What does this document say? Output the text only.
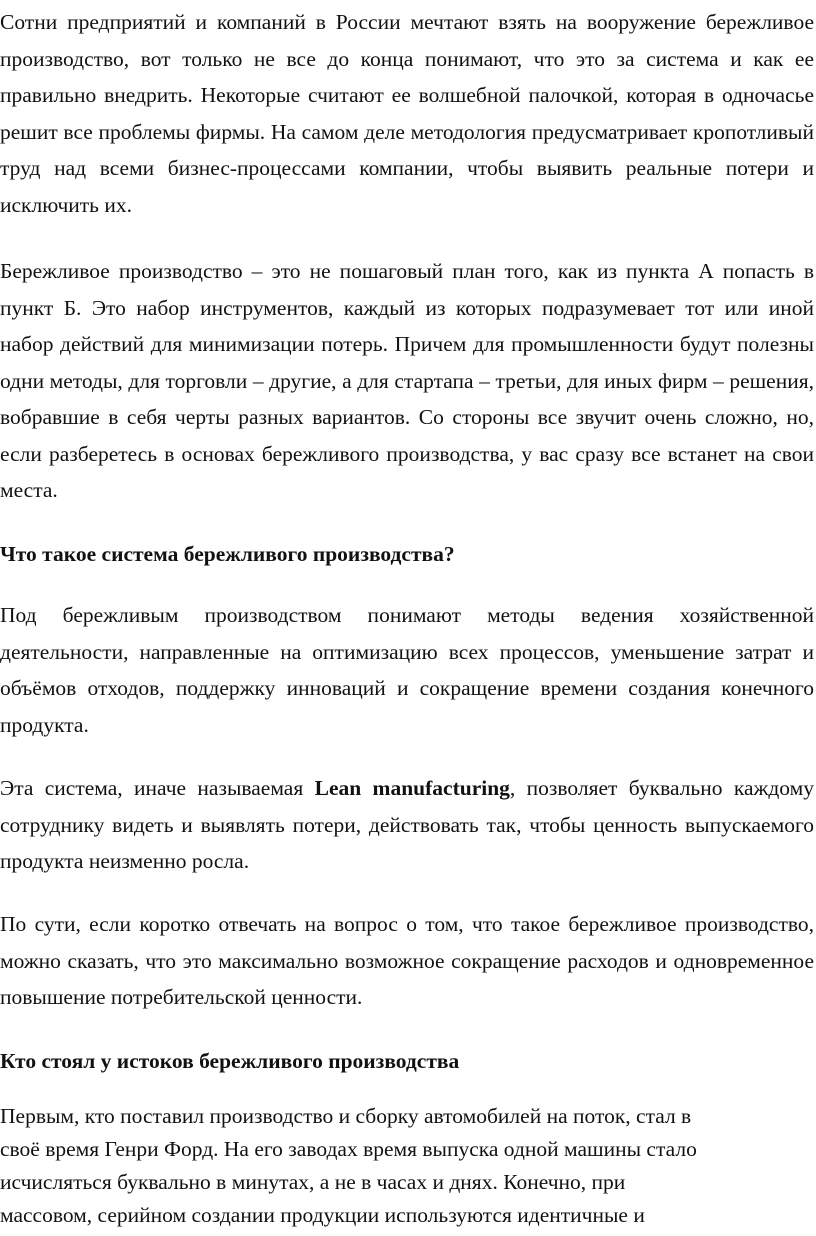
Сотни предприятий и компаний в России мечтают взять на вооружение бережливое производство, вот только не все до конца понимают, что это за система и как ее правильно внедрить. Некоторые считают ее волшебной палочкой, которая в одночасье решит все проблемы фирмы. На самом деле методология предусматривает кропотливый труд над всеми бизнес-процессами компании, чтобы выявить реальные потери и исключить их.

Бережливое производство – это не пошаговый план того, как из пункта А попасть в пункт Б. Это набор инструментов, каждый из которых подразумевает тот или иной набор действий для минимизации потерь. Причем для промышленности будут полезны одни методы, для торговли – другие, а для стартапа – третьи, для иных фирм – решения, вобравшие в себя черты разных вариантов. Со стороны все звучит очень сложно, но, если разберетесь в основах бережливого производства, у вас сразу все встанет на свои места.

Что такое система бережливого производства?

Под бережливым производством понимают методы ведения хозяйственной деятельности, направленные на оптимизацию всех процессов, уменьшение затрат и объёмов отходов, поддержку инноваций и сокращение времени создания конечного продукта.

Эта система, иначе называемая Lean manufacturing, позволяет буквально каждому сотруднику видеть и выявлять потери, действовать так, чтобы ценность выпускаемого продукта неизменно росла.

По сути, если коротко отвечать на вопрос о том, что такое бережливое производство, можно сказать, что это максимально возможное сокращение расходов и одновременное повышение потребительской ценности.

Кто стоял у истоков бережливого производства
Первым, кто поставил производство и сборку автомобилей на поток, стал в
своё время Генри Форд. На его заводах время выпуска одной машины стало
исчисляться буквально в минутах, а не в часах и днях. Конечно, при
массовом, серийном создании продукции используются идентичные и
